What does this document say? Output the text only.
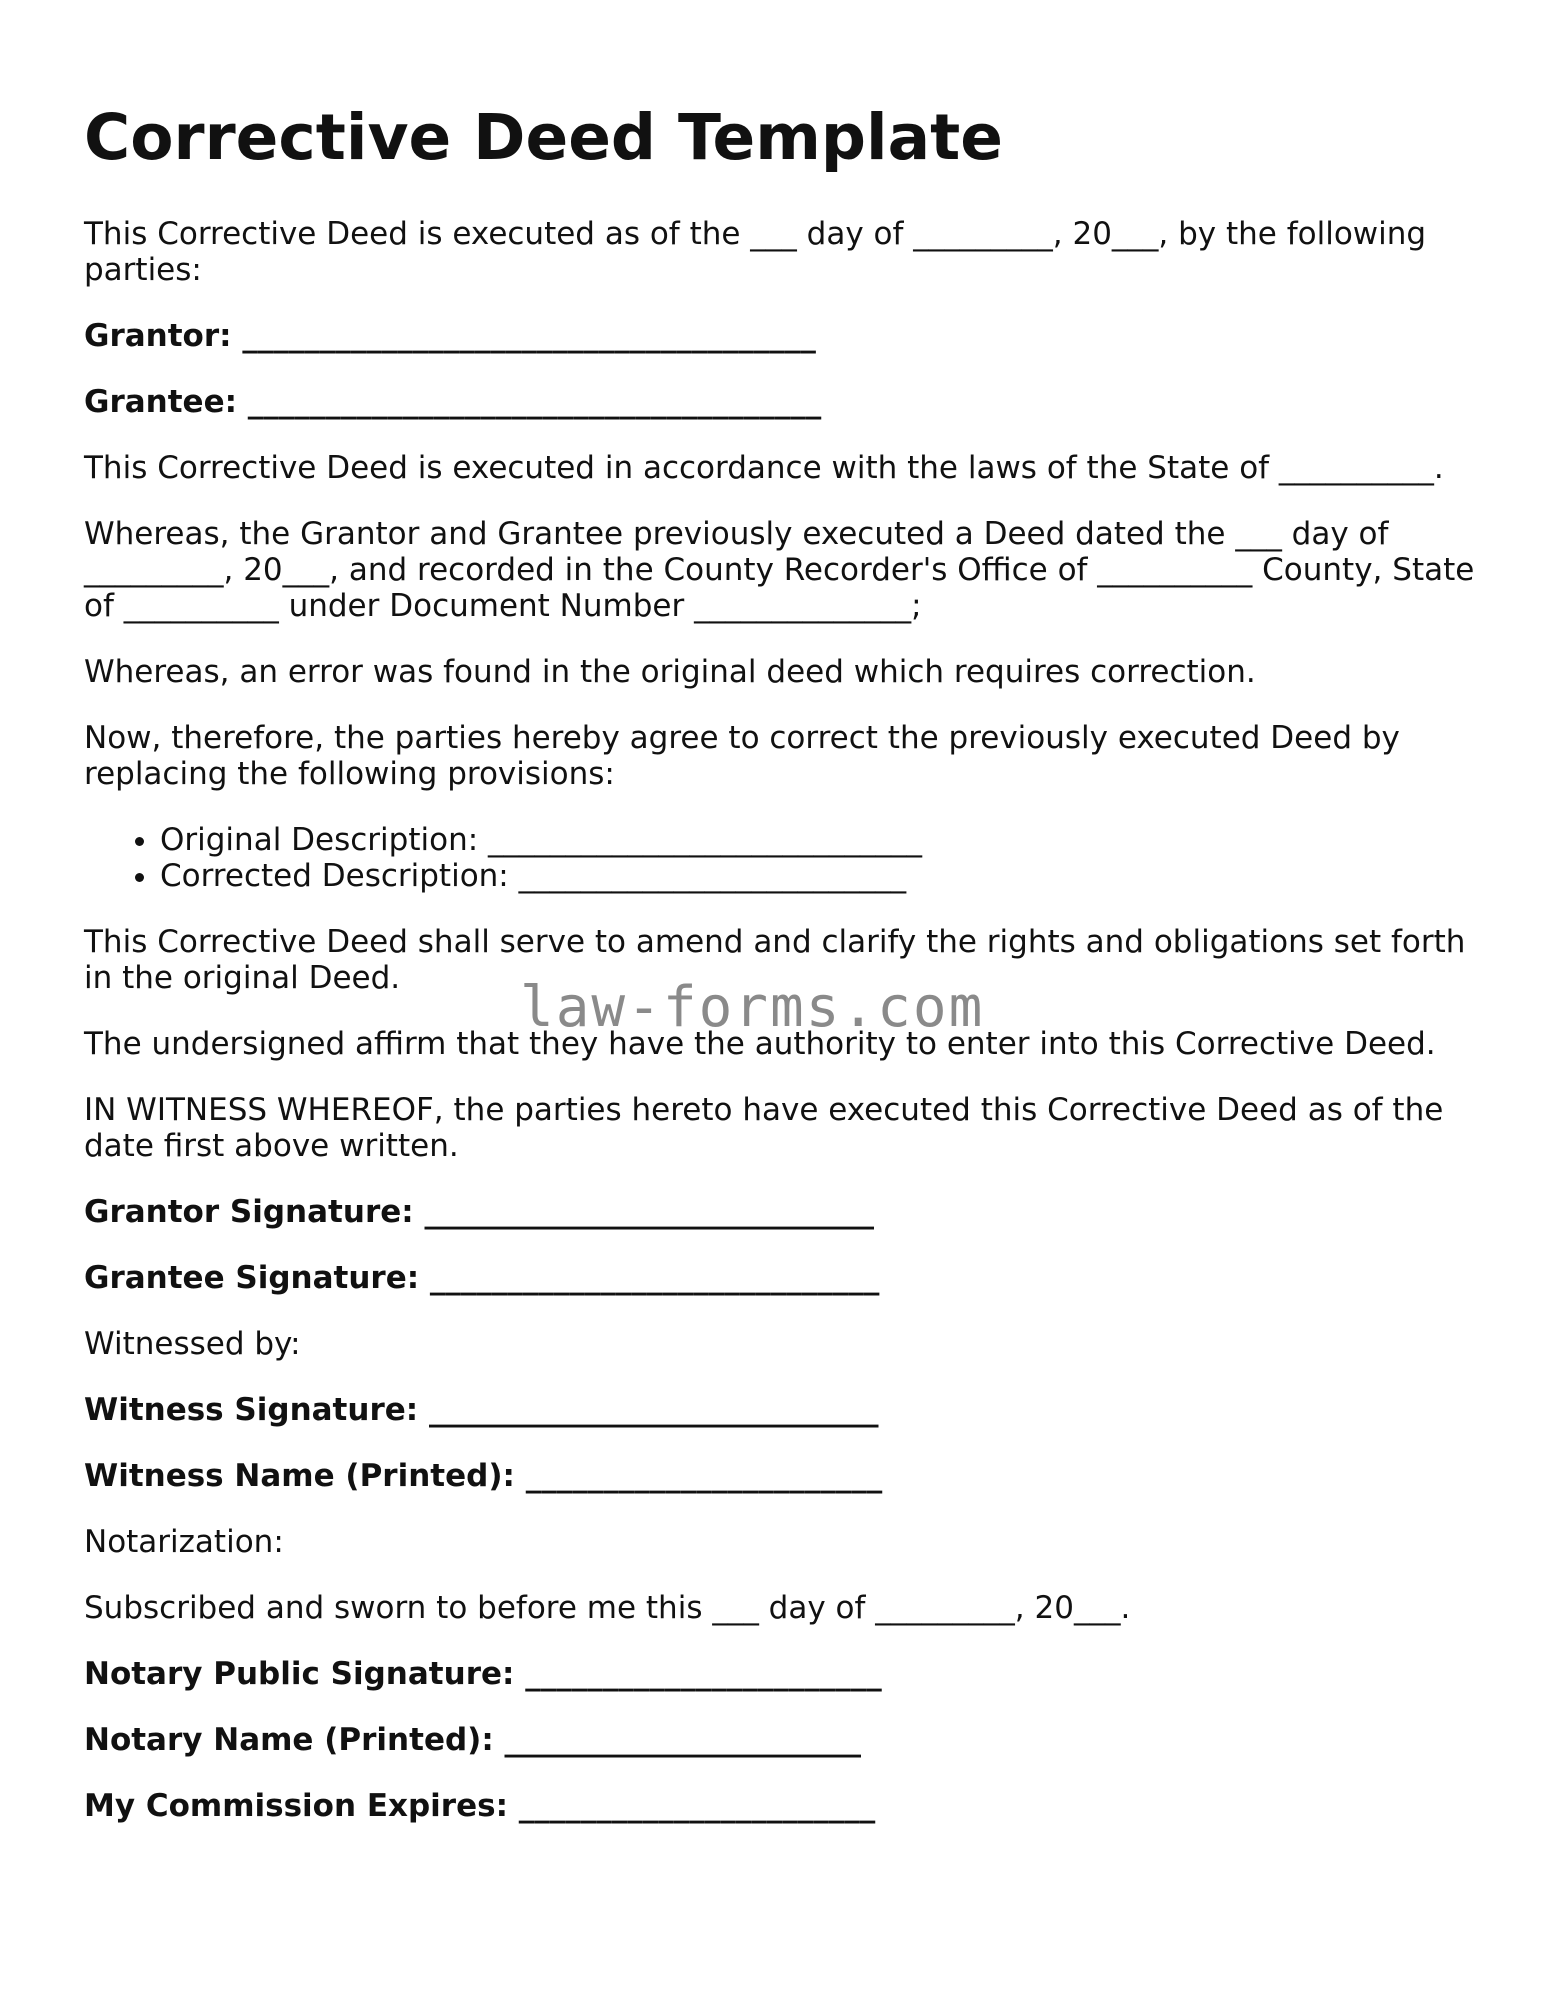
Corrective Deed Template

This Corrective Deed is executed as of the ___ day of _________, 20___, by the following parties:

Grantor: _____________________________________

Grantee: _____________________________________

This Corrective Deed is executed in accordance with the laws of the State of __________.

Whereas, the Grantor and Grantee previously executed a Deed dated the ___ day of _________, 20___, and recorded in the County Recorder's Office of __________ County, State of __________ under Document Number ______________;

Whereas, an error was found in the original deed which requires correction.

Now, therefore, the parties hereby agree to correct the previously executed Deed by replacing the following provisions:

• Original Description: ____________________________
• Corrected Description: _________________________

This Corrective Deed shall serve to amend and clarify the rights and obligations set forth in the original Deed.

The undersigned affirm that they have the authority to enter into this Corrective Deed.

IN WITNESS WHEREOF, the parties hereto have executed this Corrective Deed as of the date first above written.

Grantor Signature: _____________________________

Grantee Signature: _____________________________

Witnessed by:

Witness Signature: _____________________________

Witness Name (Printed): _______________________

Notarization:

Subscribed and sworn to before me this ___ day of _________, 20___.

Notary Public Signature: _______________________

Notary Name (Printed): _______________________

My Commission Expires: _______________________

law-forms.com
